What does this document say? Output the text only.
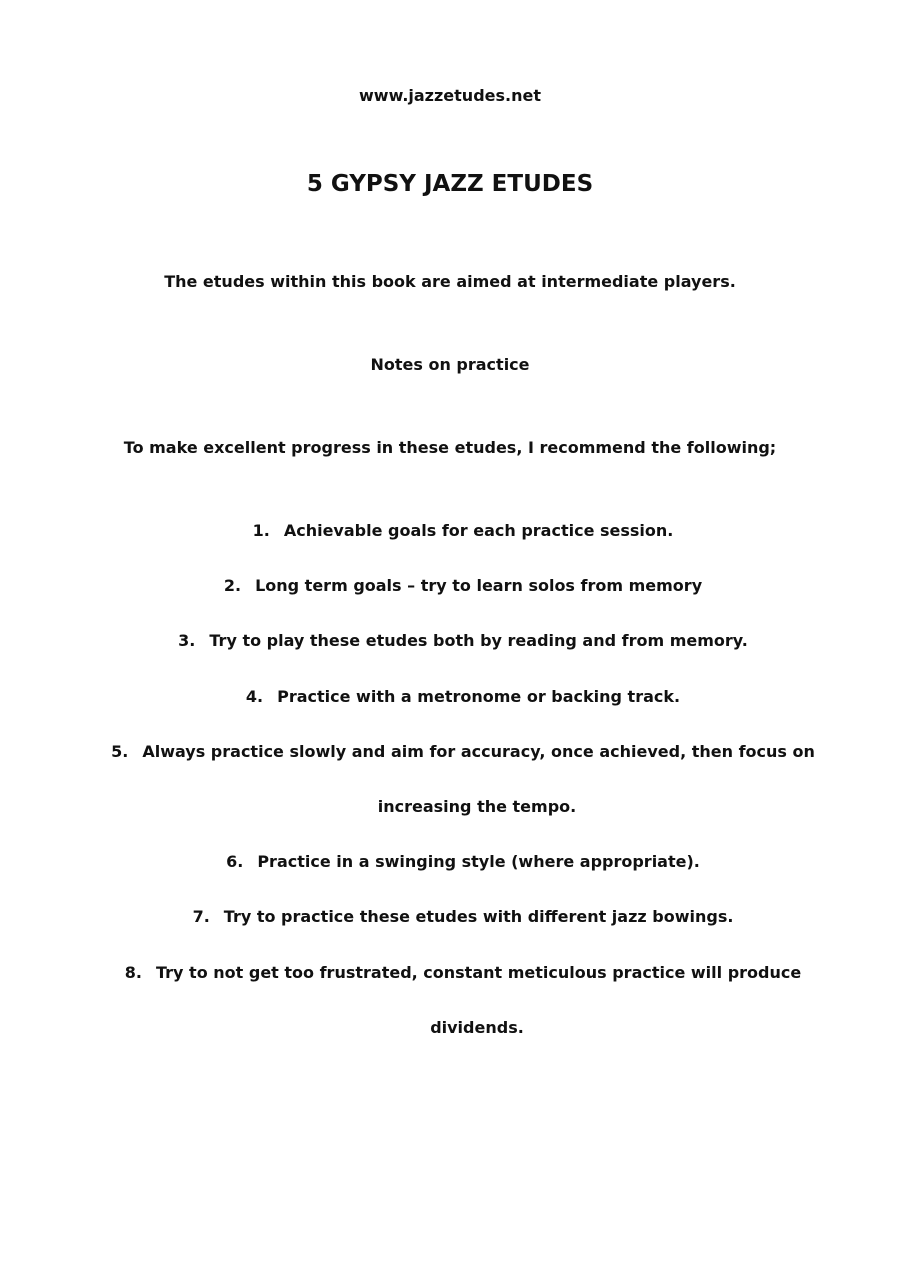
www.jazzetudes.net
5 GYPSY JAZZ ETUDES
The etudes within this book are aimed at intermediate players.
Notes on practice
To make excellent progress in these etudes, I recommend the following;
1. Achievable goals for each practice session.
2. Long term goals – try to learn solos from memory
3. Try to play these etudes both by reading and from memory.
4. Practice with a metronome or backing track.
5. Always practice slowly and aim for accuracy, once achieved, then focus on
increasing the tempo.
6. Practice in a swinging style (where appropriate).
7. Try to practice these etudes with different jazz bowings.
8. Try to not get too frustrated, constant meticulous practice will produce
dividends.
